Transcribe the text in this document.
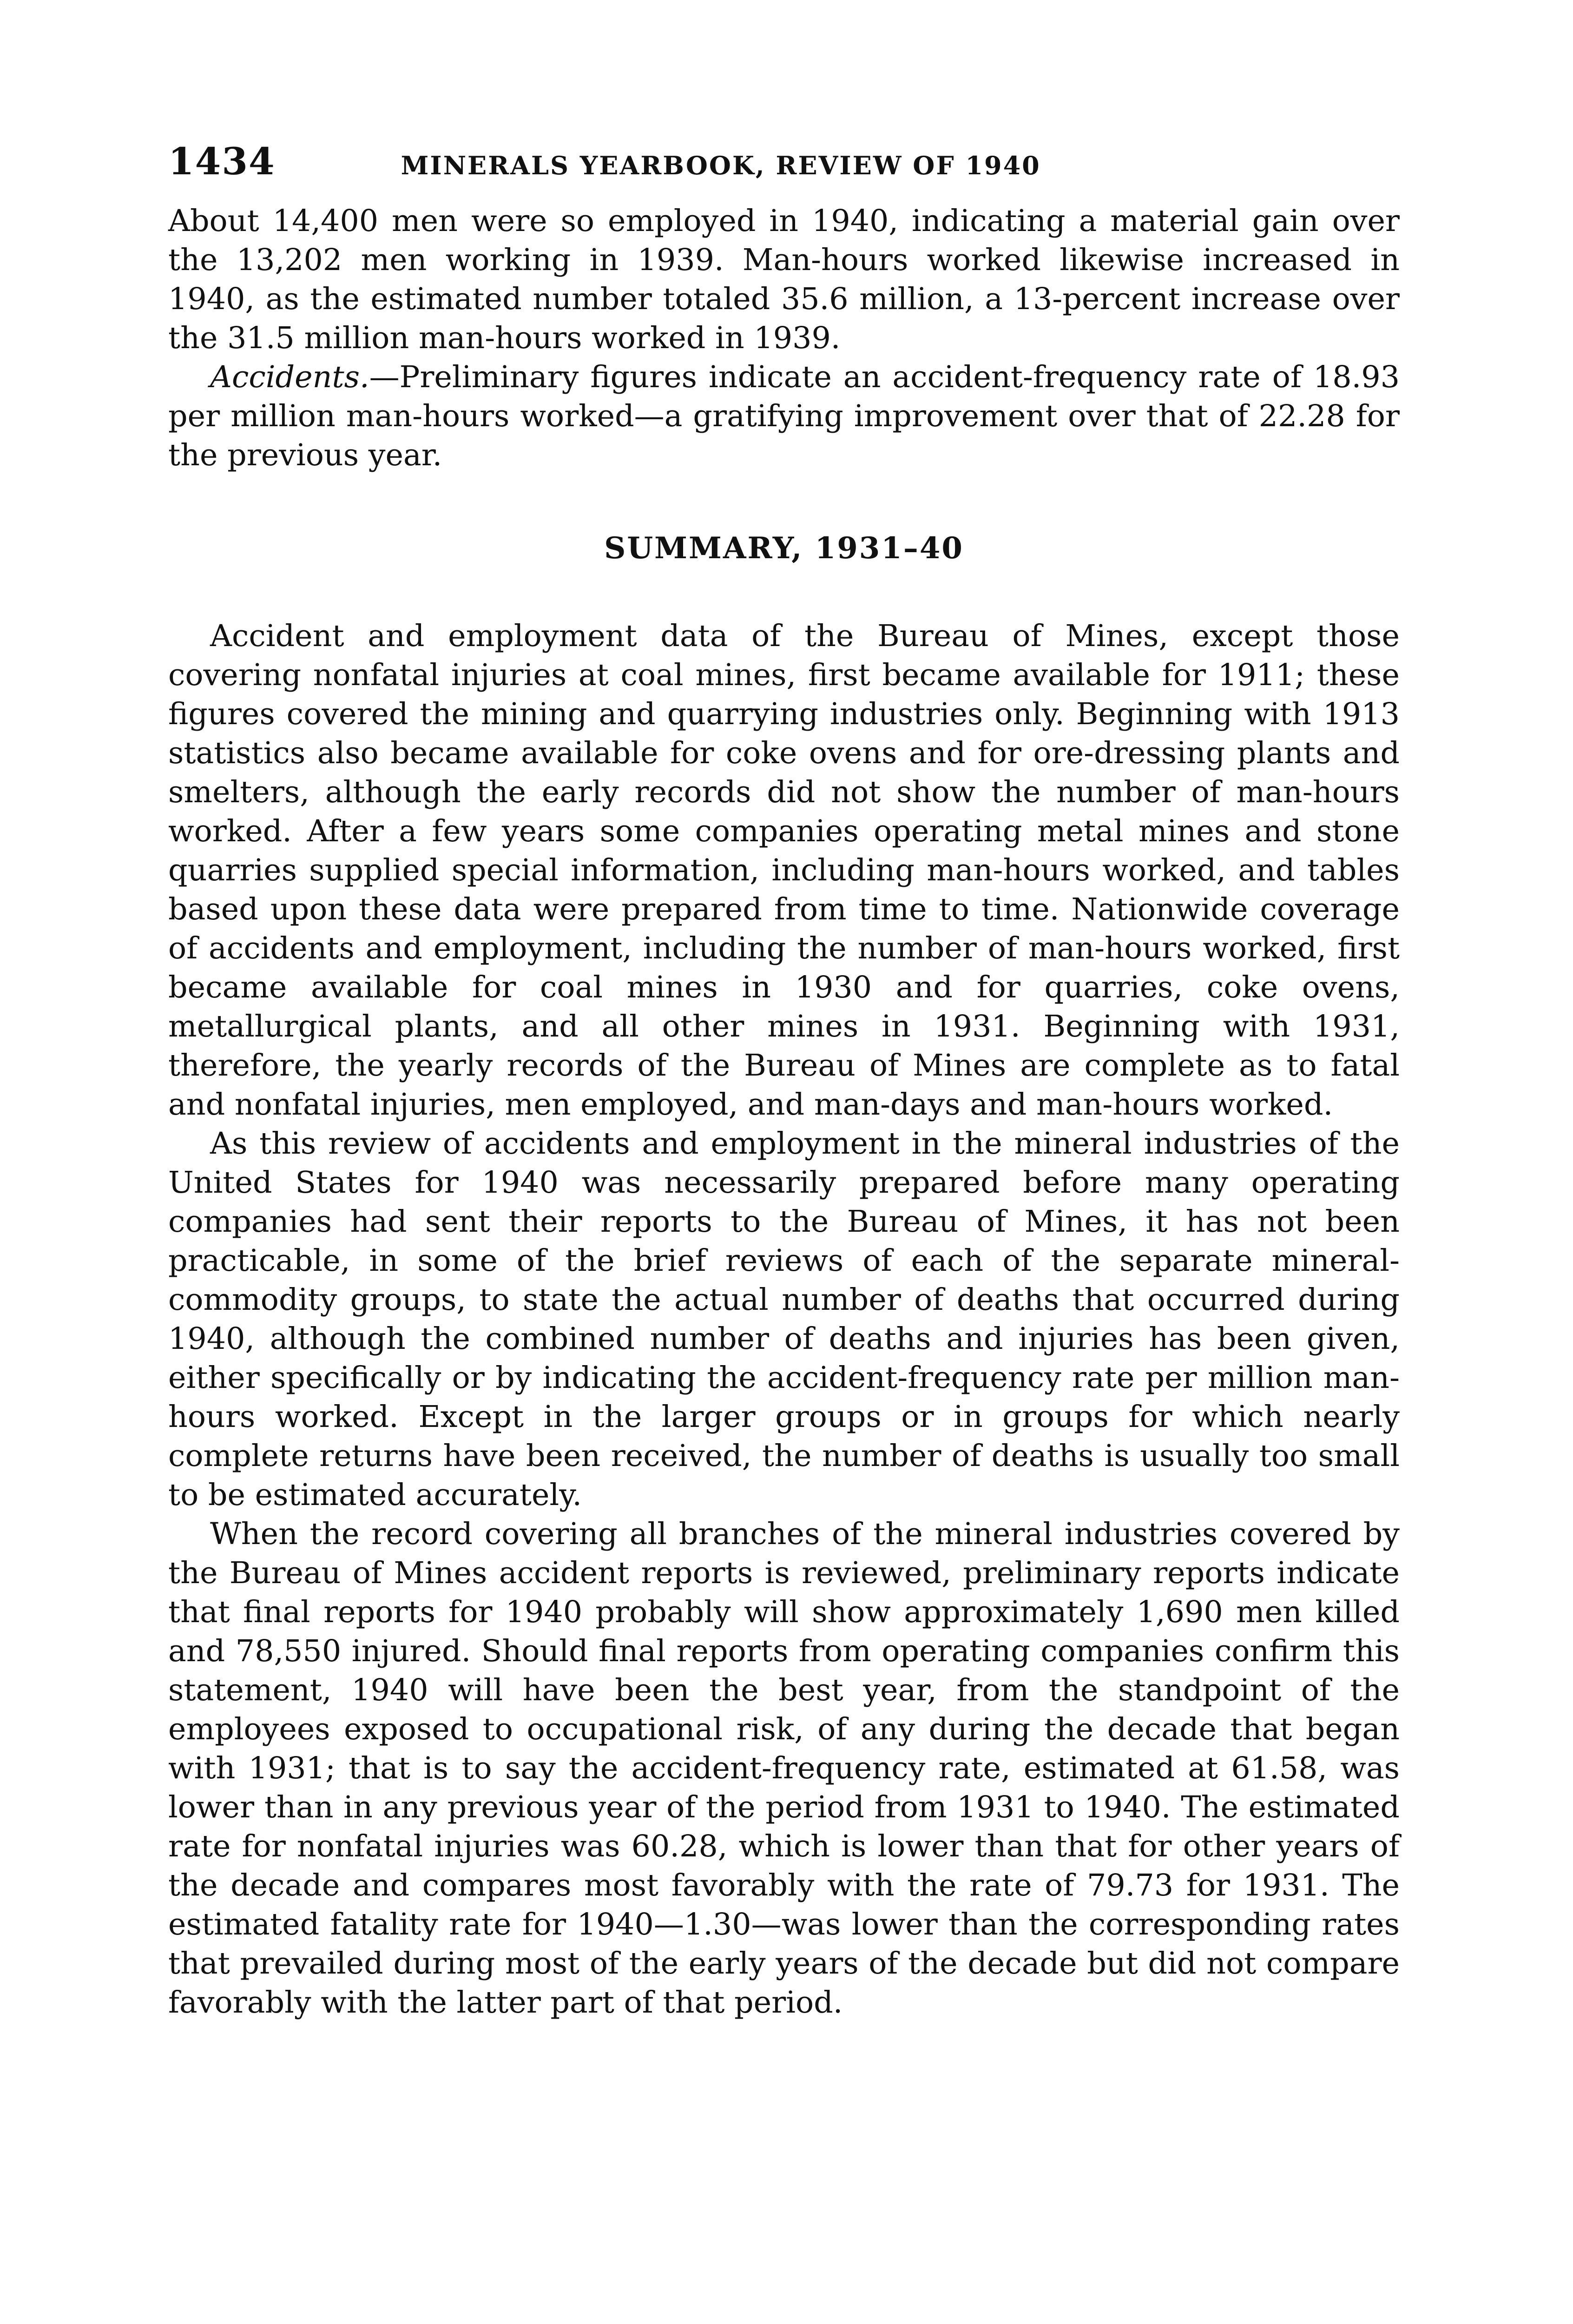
1434	MINERALS YEARBOOK, REVIEW OF 1940

About 14,400 men were so employed in 1940, indicating a material gain over the 13,202 men working in 1939. Man-hours worked likewise increased in 1940, as the estimated number totaled 35.6 million, a 13-percent increase over the 31.5 million man-hours worked in 1939.

Accidents.—Preliminary figures indicate an accident-frequency rate of 18.93 per million man-hours worked—a gratifying improvement over that of 22.28 for the previous year.

SUMMARY, 1931–40

Accident and employment data of the Bureau of Mines, except those covering nonfatal injuries at coal mines, first became available for 1911; these figures covered the mining and quarrying industries only. Beginning with 1913 statistics also became available for coke ovens and for ore-dressing plants and smelters, although the early records did not show the number of man-hours worked. After a few years some companies operating metal mines and stone quarries supplied special information, including man-hours worked, and tables based upon these data were prepared from time to time. Nationwide coverage of accidents and employment, including the number of man-hours worked, first became available for coal mines in 1930 and for quarries, coke ovens, metallurgical plants, and all other mines in 1931. Beginning with 1931, therefore, the yearly records of the Bureau of Mines are complete as to fatal and nonfatal injuries, men employed, and man-days and man-hours worked.

As this review of accidents and employment in the mineral industries of the United States for 1940 was necessarily prepared before many operating companies had sent their reports to the Bureau of Mines, it has not been practicable, in some of the brief reviews of each of the separate mineral-commodity groups, to state the actual number of deaths that occurred during 1940, although the combined number of deaths and injuries has been given, either specifically or by indicating the accident-frequency rate per million man-hours worked. Except in the larger groups or in groups for which nearly complete returns have been received, the number of deaths is usually too small to be estimated accurately.

When the record covering all branches of the mineral industries covered by the Bureau of Mines accident reports is reviewed, preliminary reports indicate that final reports for 1940 probably will show approximately 1,690 men killed and 78,550 injured. Should final reports from operating companies confirm this statement, 1940 will have been the best year, from the standpoint of the employees exposed to occupational risk, of any during the decade that began with 1931; that is to say the accident-frequency rate, estimated at 61.58, was lower than in any previous year of the period from 1931 to 1940. The estimated rate for nonfatal injuries was 60.28, which is lower than that for other years of the decade and compares most favorably with the rate of 79.73 for 1931. The estimated fatality rate for 1940—1.30—was lower than the corresponding rates that prevailed during most of the early years of the decade but did not compare favorably with the latter part of that period.
